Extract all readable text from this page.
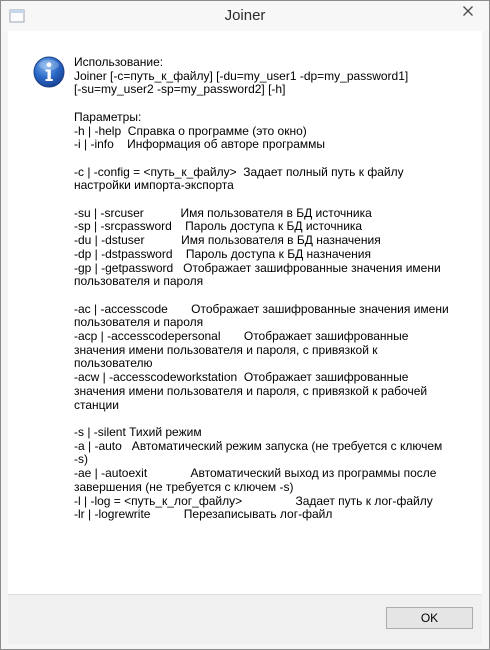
Joiner
Использование:
Joiner [-c=путь_к_файлу] [-du=my_user1 -dp=my_password1]
[-su=my_user2 -sp=my_password2] [-h]

Параметры:
-h | -help  Справка о программе (это окно)
-i | -info    Информация об авторе программы

-c | -config = <путь_к_файлу>  Задает полный путь к файлу
настройки импорта-экспорта

-su | -srcuser           Имя пользователя в БД источника
-sp | -srcpassword    Пароль доступа к БД источника
-du | -dstuser           Имя пользователя в БД назначения
-dp | -dstpassword    Пароль доступа к БД назначения
-gp | -getpassword   Отображает зашифрованные значения имени
пользователя и пароля

-ac | -accesscode       Отображает зашифрованные значения имени
пользователя и пароля
-acp | -accesscodepersonal       Отображает зашифрованные
значения имени пользователя и пароля, с привязкой к
пользователю
-acw | -accesscodeworkstation  Отображает зашифрованные
значения имени пользователя и пароля, с привязкой к рабочей
станции

-s | -silent Тихий режим
-a | -auto   Автоматический режим запуска (не требуется с ключем
-s)
-ae | -autoexit             Автоматический выход из программы после
завершения (не требуется с ключем -s)
-l | -log = <путь_к_лог_файлу>                Задает путь к лог-файлу
-lr | -logrewrite          Перезаписывать лог-файл

OK
